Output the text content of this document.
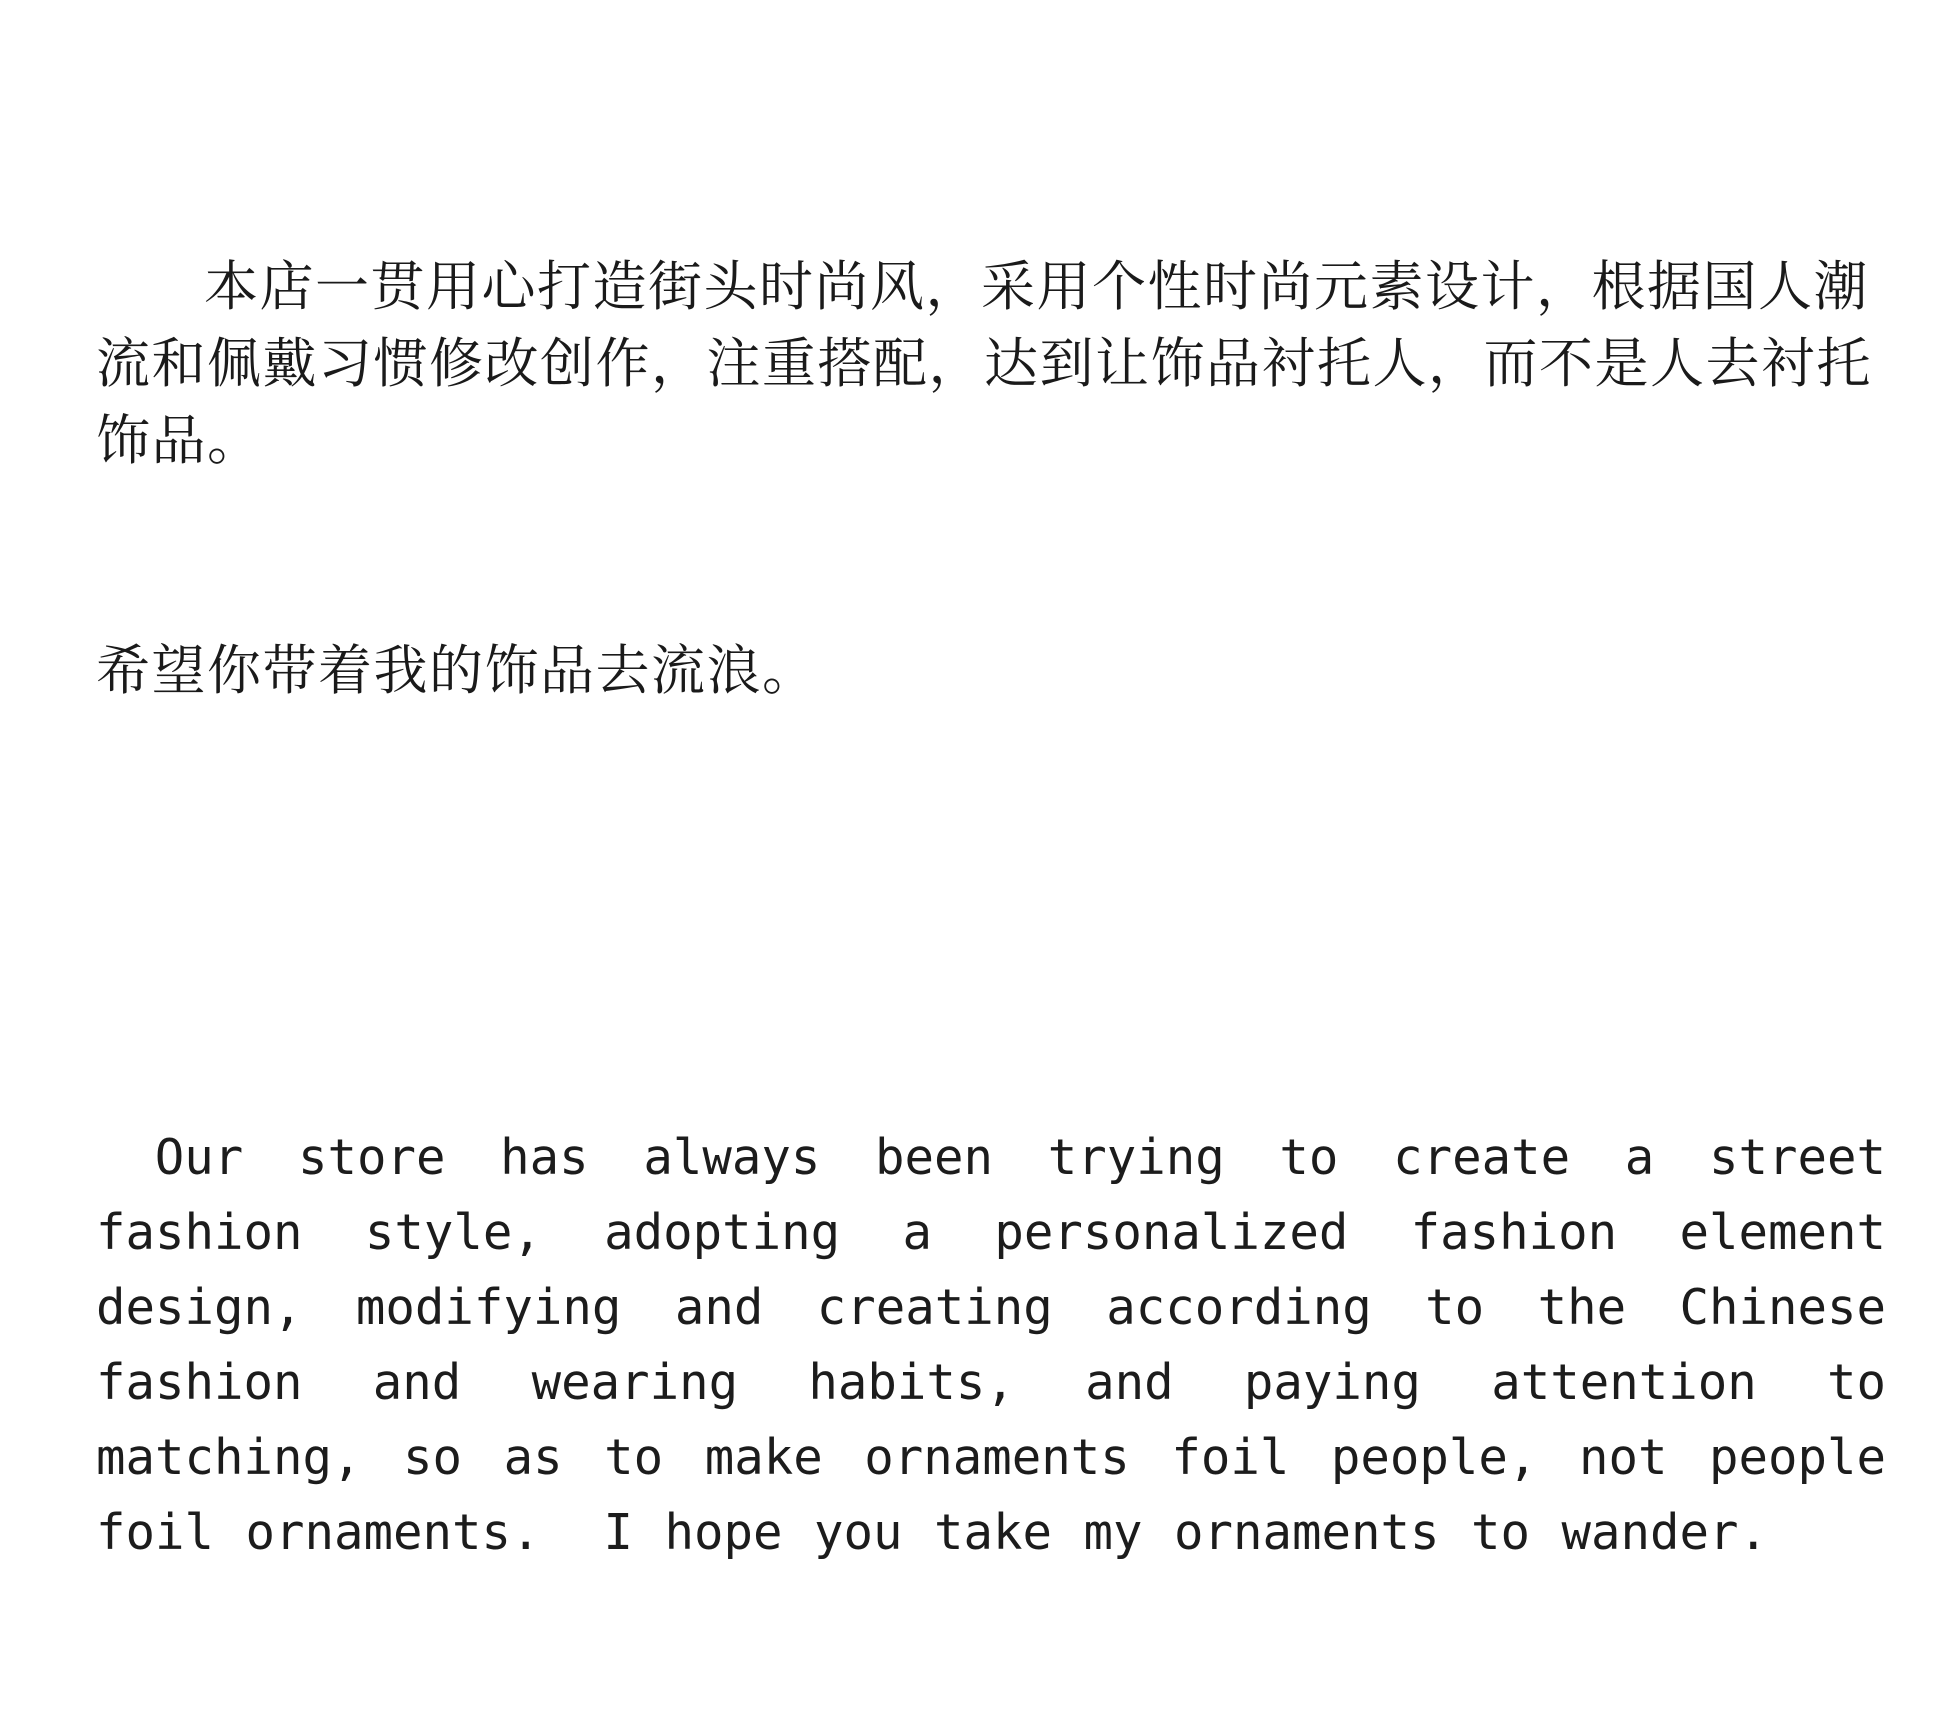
本店一贯用心打造街头时尚风，采用个性时尚元素设计，根据国人潮流和佩戴习惯修改创作，注重搭配，达到让饰品衬托人，而不是人去衬托饰品。

希望你带着我的饰品去流浪。

Our store has always been trying to create a street fashion style, adopting a personalized fashion element design, modifying and creating according to the Chinese fashion and wearing habits, and paying attention to matching, so as to make ornaments foil people, not people foil ornaments.  I hope you take my ornaments to wander.
